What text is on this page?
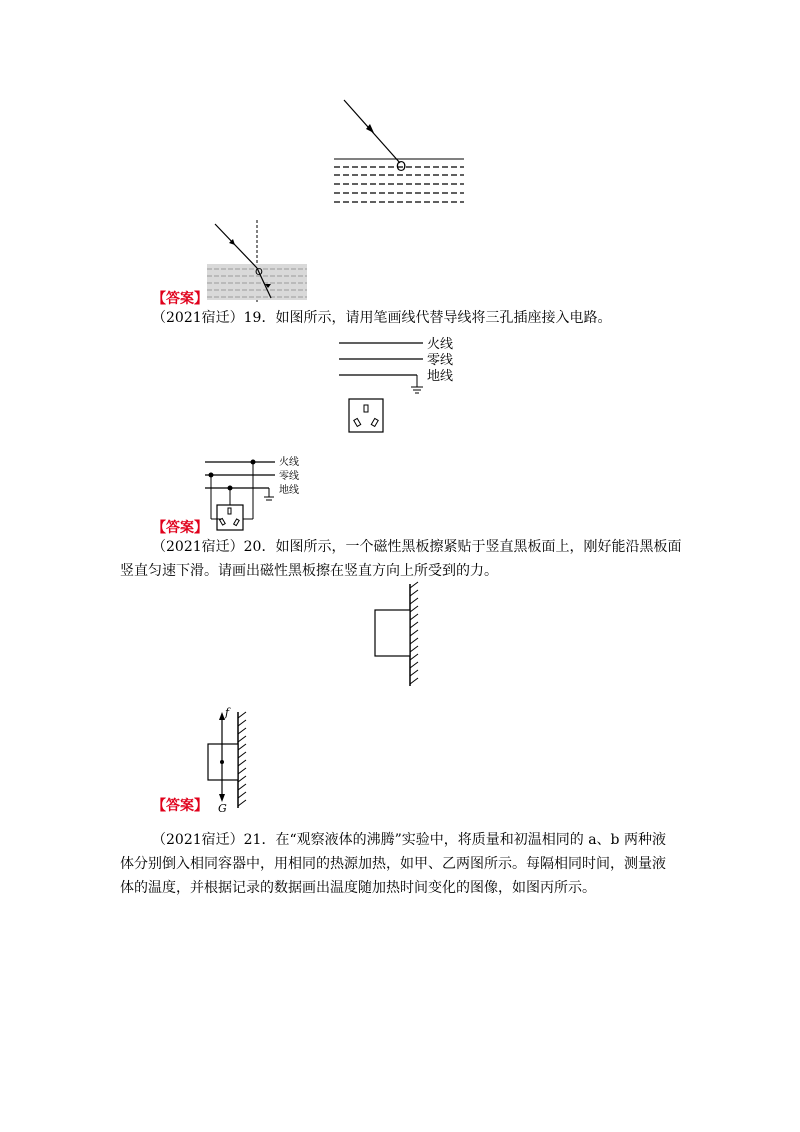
O
O
【答案】
（2021宿迁）19．如图所示，请用笔画线代替导线将三孔插座接入电路。
火线
零线
地线
火线
零线
地线
【答案】
（2021宿迁）20．如图所示，一个磁性黑板擦紧贴于竖直黑板面上，刚好能沿黑板面
竖直匀速下滑。请画出磁性黑板擦在竖直方向上所受到的力。
f
G
【答案】
（2021宿迁）21．在“观察液体的沸腾”实验中，将质量和初温相同的 a、b 两种液
体分别倒入相同容器中，用相同的热源加热，如甲、乙两图所示。每隔相同时间，测量液
体的温度，并根据记录的数据画出温度随加热时间变化的图像，如图丙所示。
